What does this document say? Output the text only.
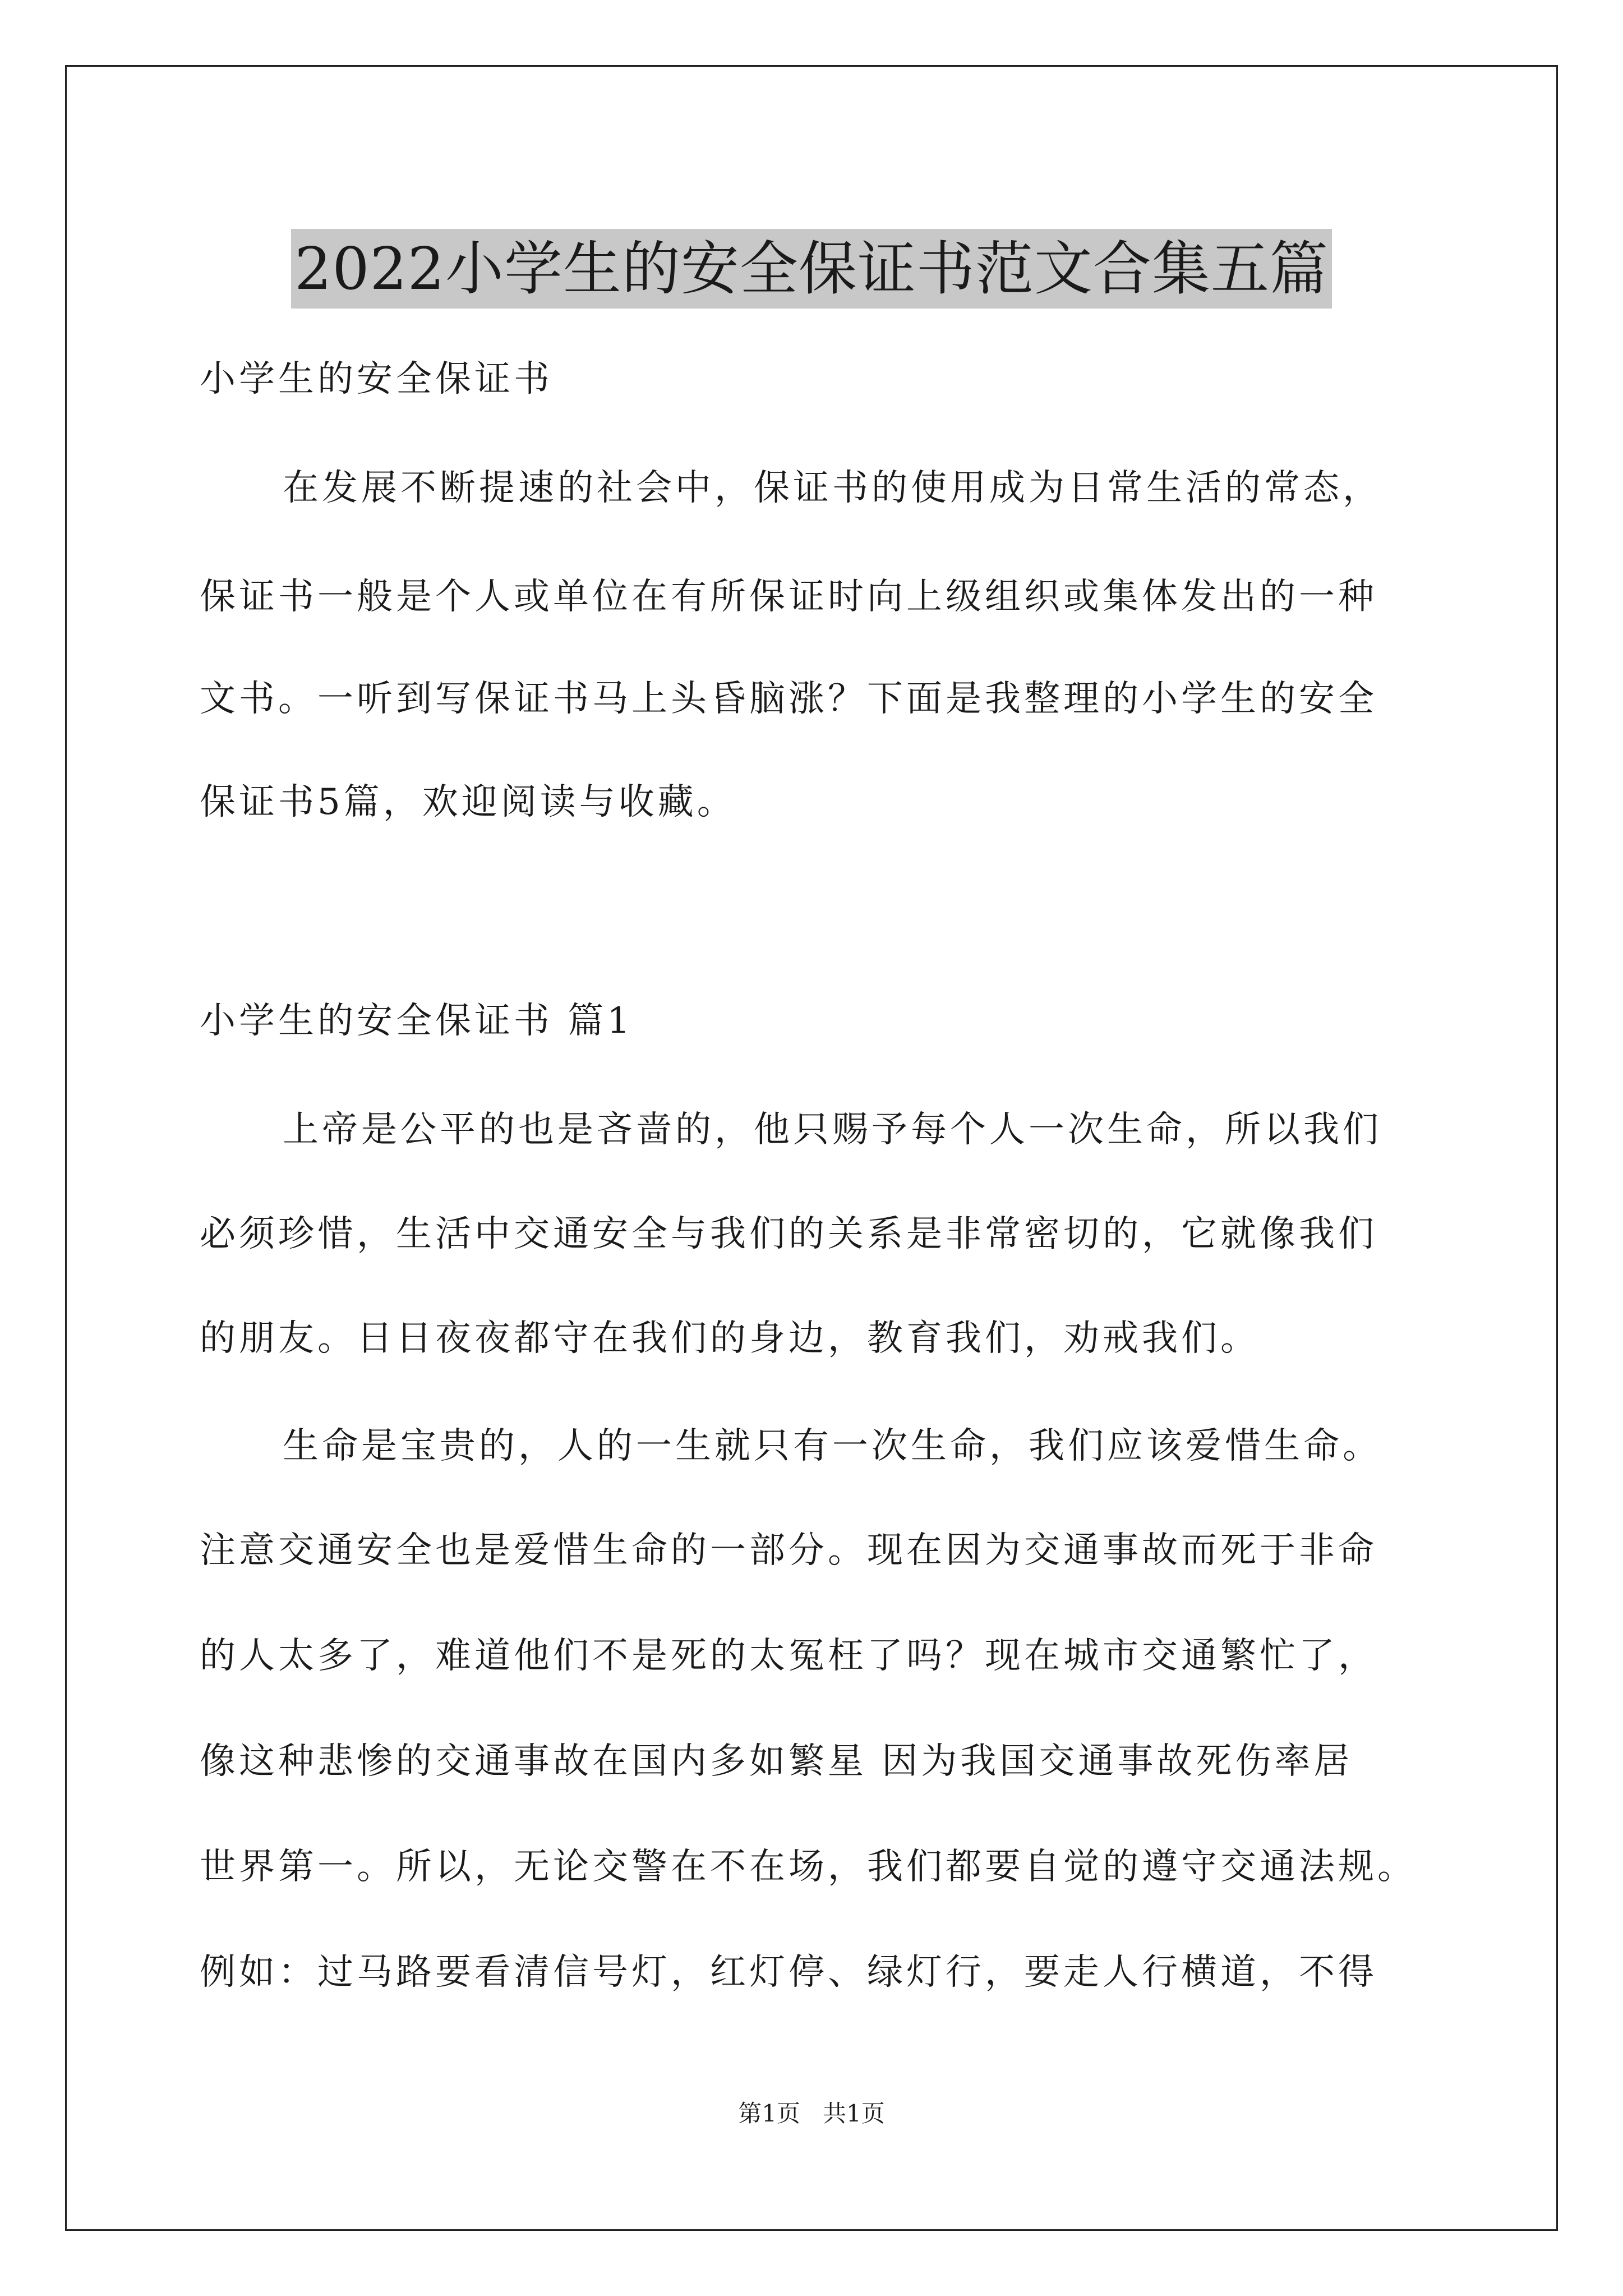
2022小学生的安全保证书范文合集五篇
小学生的安全保证书
在发展不断提速的社会中，保证书的使用成为日常生活的常态，
保证书一般是个人或单位在有所保证时向上级组织或集体发出的一种
文书。一听到写保证书马上头昏脑涨？下面是我整理的小学生的安全
保证书5篇，欢迎阅读与收藏。
小学生的安全保证书 篇1
上帝是公平的也是吝啬的，他只赐予每个人一次生命，所以我们
必须珍惜，生活中交通安全与我们的关系是非常密切的，它就像我们
的朋友。日日夜夜都守在我们的身边，教育我们，劝戒我们。
生命是宝贵的，人的一生就只有一次生命，我们应该爱惜生命。
注意交通安全也是爱惜生命的一部分。现在因为交通事故而死于非命
的人太多了，难道他们不是死的太冤枉了吗？现在城市交通繁忙了，
像这种悲惨的交通事故在国内多如繁星 因为我国交通事故死伤率居
世界第一。所以，无论交警在不在场，我们都要自觉的遵守交通法规。
例如：过马路要看清信号灯，红灯停、绿灯行，要走人行横道，不得
第1页 共1页
